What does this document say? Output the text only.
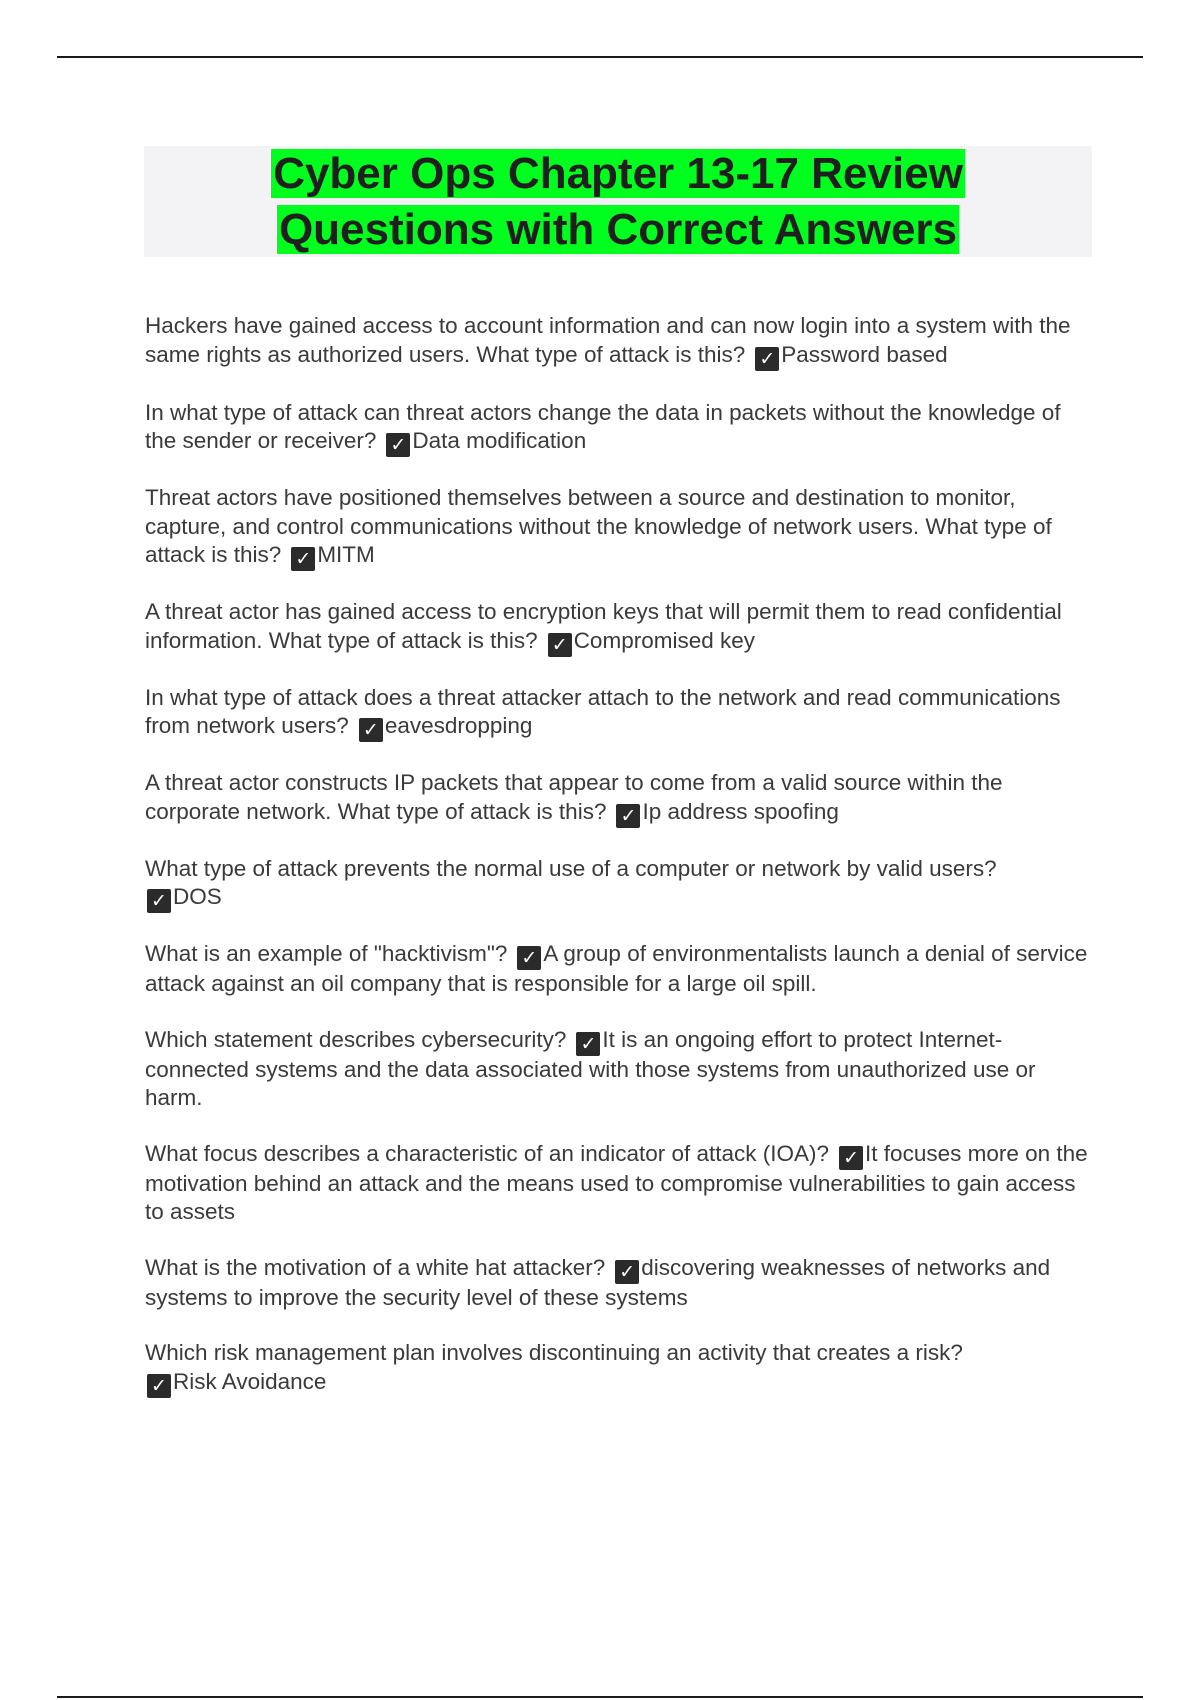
Cyber Ops Chapter 13-17 Review
Questions with Correct Answers

Hackers have gained access to account information and can now login into a system with the same rights as authorized users. What type of attack is this? ✓ Password based

In what type of attack can threat actors change the data in packets without the knowledge of the sender or receiver? ✓ Data modification

Threat actors have positioned themselves between a source and destination to monitor, capture, and control communications without the knowledge of network users. What type of attack is this? ✓ MITM

A threat actor has gained access to encryption keys that will permit them to read confidential information. What type of attack is this? ✓ Compromised key

In what type of attack does a threat attacker attach to the network and read communications from network users? ✓ eavesdropping

A threat actor constructs IP packets that appear to come from a valid source within the corporate network. What type of attack is this? ✓ Ip address spoofing

What type of attack prevents the normal use of a computer or network by valid users?
✓ DOS

What is an example of "hacktivism"? ✓ A group of environmentalists launch a denial of service attack against an oil company that is responsible for a large oil spill.

Which statement describes cybersecurity? ✓ It is an ongoing effort to protect Internet-connected systems and the data associated with those systems from unauthorized use or harm.

What focus describes a characteristic of an indicator of attack (IOA)? ✓ It focuses more on the motivation behind an attack and the means used to compromise vulnerabilities to gain access to assets

What is the motivation of a white hat attacker? ✓ discovering weaknesses of networks and systems to improve the security level of these systems

Which risk management plan involves discontinuing an activity that creates a risk?
✓ Risk Avoidance
